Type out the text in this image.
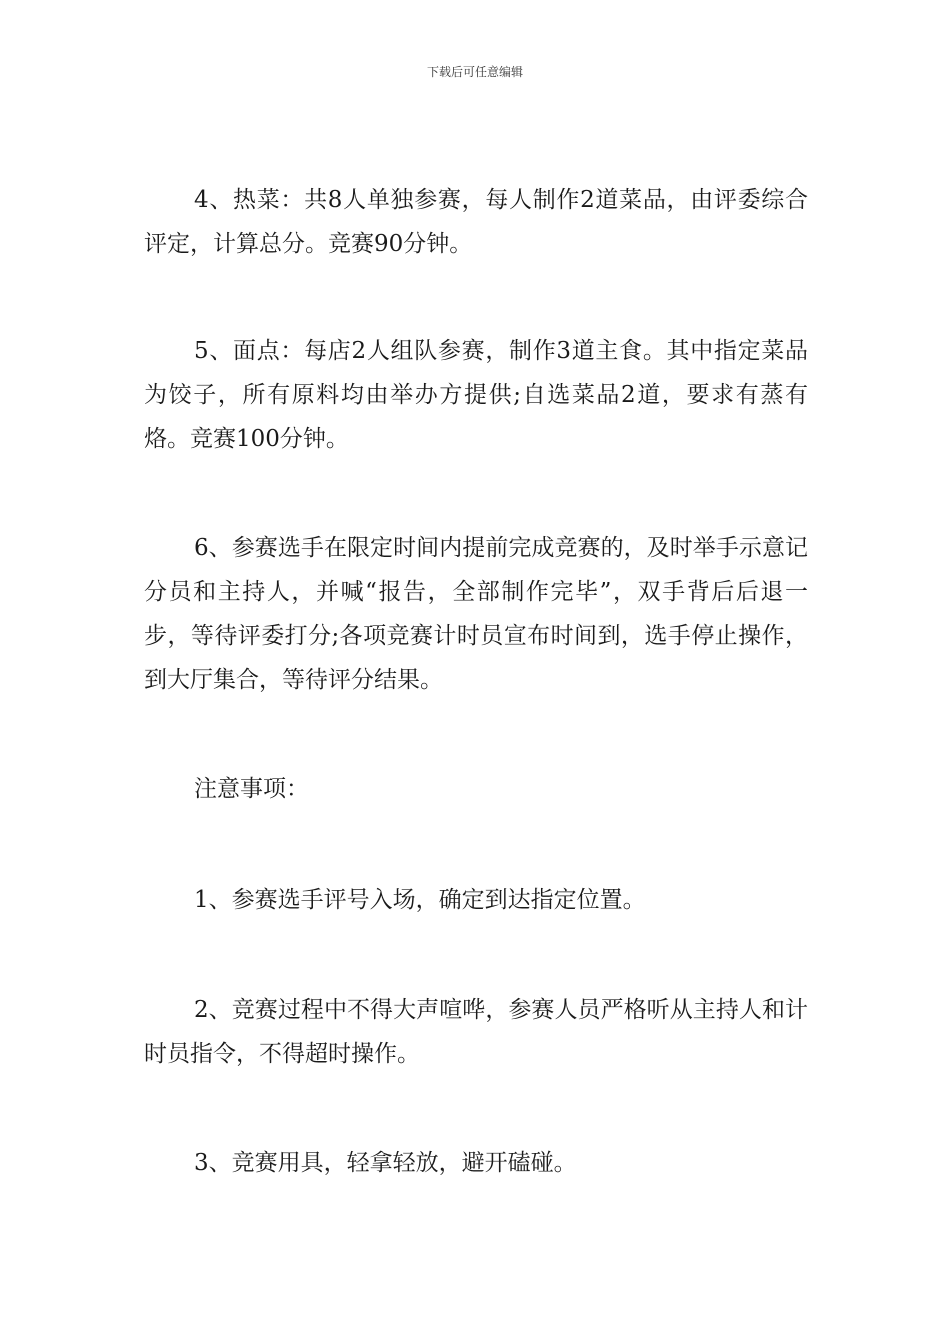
下载后可任意编辑

4、热菜：共8人单独参赛，每人制作2道菜品，由评委综合评定，计算总分。竞赛90分钟。

5、面点：每店2人组队参赛，制作3道主食。其中指定菜品为饺子，所有原料均由举办方提供;自选菜品2道，要求有蒸有烙。竞赛100分钟。

6、参赛选手在限定时间内提前完成竞赛的，及时举手示意记分员和主持人，并喊“报告，全部制作完毕”，双手背后后退一步，等待评委打分;各项竞赛计时员宣布时间到，选手停止操作，到大厅集合，等待评分结果。

注意事项：

1、参赛选手评号入场，确定到达指定位置。

2、竞赛过程中不得大声喧哗，参赛人员严格听从主持人和计时员指令，不得超时操作。

3、竞赛用具，轻拿轻放，避开磕碰。
